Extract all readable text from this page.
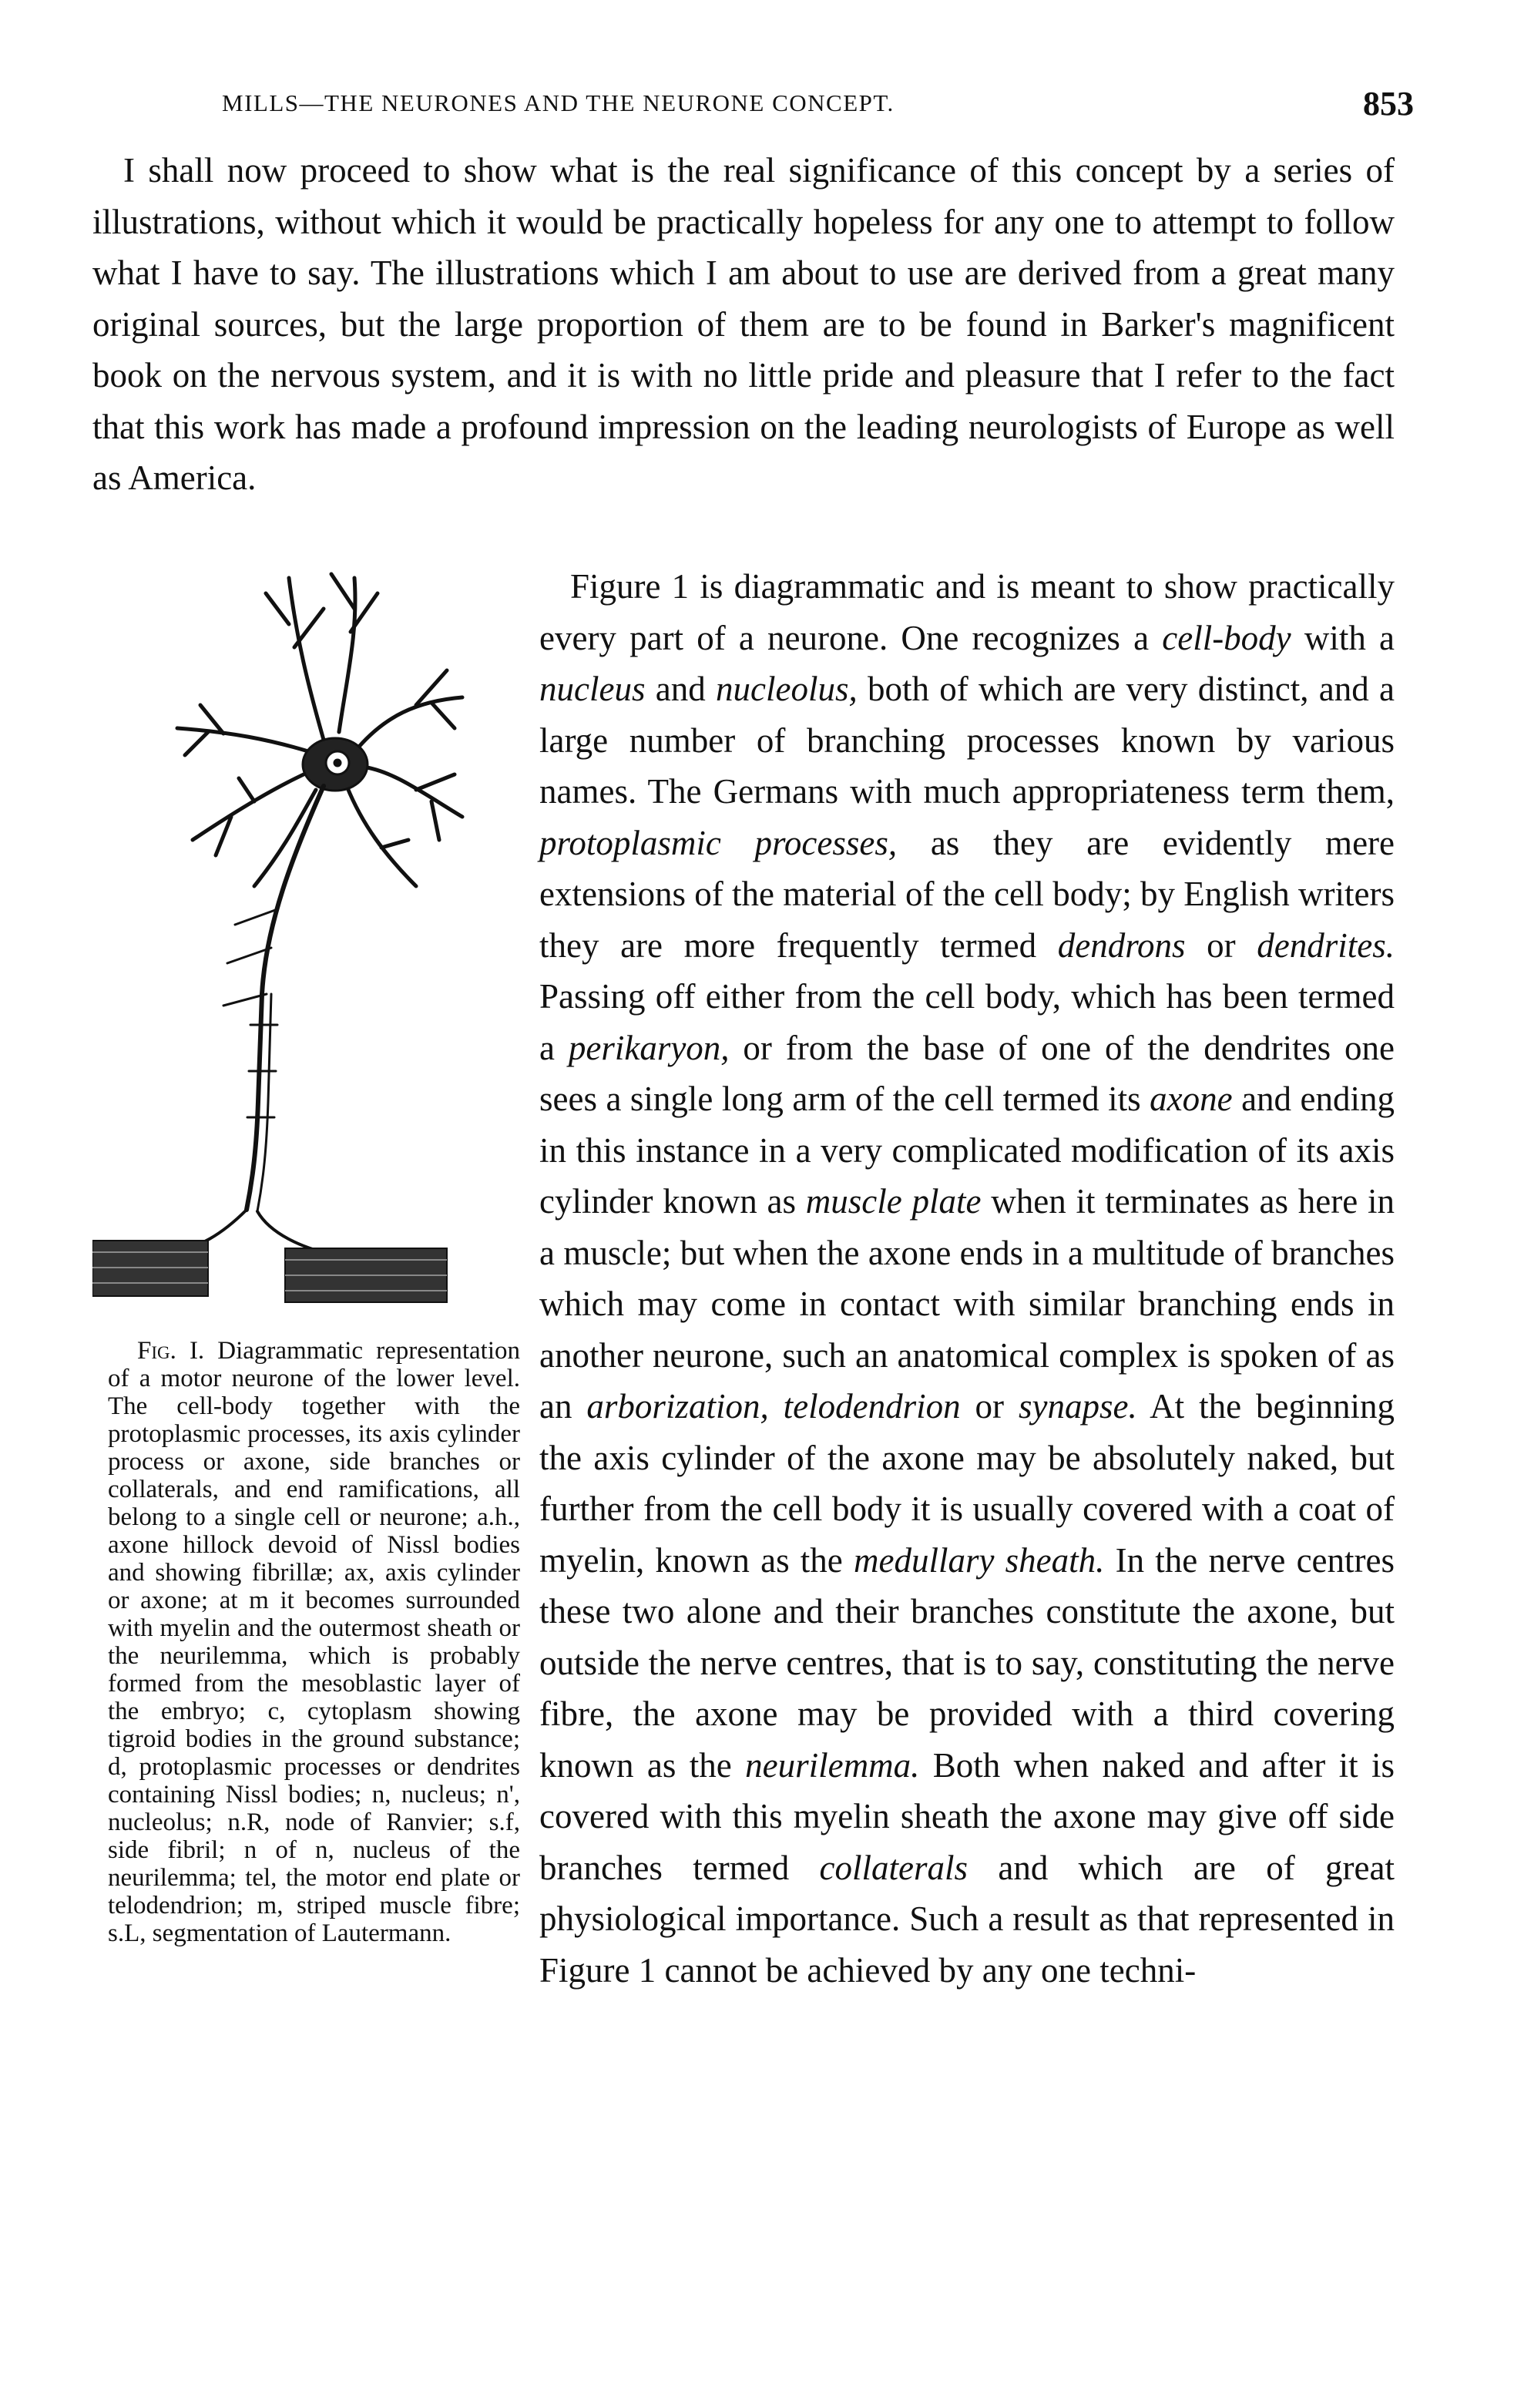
MILLS—THE NEURONES AND THE NEURONE CONCEPT.	853

I shall now proceed to show what is the real significance of this concept by a series of illustrations, without which it would be practically hopeless for any one to attempt to follow what I have to say. The illustrations which I am about to use are derived from a great many original sources, but the large proportion of them are to be found in Barker's magnificent book on the nervous system, and it is with no little pride and pleasure that I refer to the fact that this work has made a profound impression on the leading neurologists of Europe as well as America.

Fig. I. Diagrammatic representation of a motor neurone of the lower level. The cell-body together with the protoplasmic processes, its axis cylinder process or axone, side branches or collaterals, and end ramifications, all belong to a single cell or neurone; a.h., axone hillock devoid of Nissl bodies and showing fibrillæ; ax, axis cylinder or axone; at m it becomes surrounded with myelin and the outermost sheath or the neurilemma, which is probably formed from the mesoblastic layer of the embryo; c, cytoplasm showing tigroid bodies in the ground substance; d, protoplasmic processes or dendrites containing Nissl bodies; n, nucleus; n', nucleolus; n.R, node of Ranvier; s.f, side fibril; n of n, nucleus of the neurilemma; tel, the motor end plate or telodendrion; m, striped muscle fibre; s.L, segmentation of Lautermann.

Figure 1 is diagrammatic and is meant to show practically every part of a neurone. One recognizes a cell-body with a nucleus and nucleolus, both of which are very distinct, and a large number of branching processes known by various names. The Germans with much appropriateness term them, protoplasmic processes, as they are evidently mere extensions of the material of the cell body; by English writers they are more frequently termed dendrons or dendrites. Passing off either from the cell body, which has been termed a perikaryon, or from the base of one of the dendrites one sees a single long arm of the cell termed its axone and ending in this instance in a very complicated modification of its axis cylinder known as muscle plate when it terminates as here in a muscle; but when the axone ends in a multitude of branches which may come in contact with similar branching ends in another neurone, such an anatomical complex is spoken of as an arborization, telodendrion or synapse. At the beginning the axis cylinder of the axone may be absolutely naked, but further from the cell body it is usually covered with a coat of myelin, known as the medullary sheath. In the nerve centres these two alone and their branches constitute the axone, but outside the nerve centres, that is to say, constituting the nerve fibre, the axone may be provided with a third covering known as the neurilemma. Both when naked and after it is covered with this myelin sheath the axone may give off side branches termed collaterals and which are of great physiological importance. Such a result as that represented in Figure 1 cannot be achieved by any one techni-
